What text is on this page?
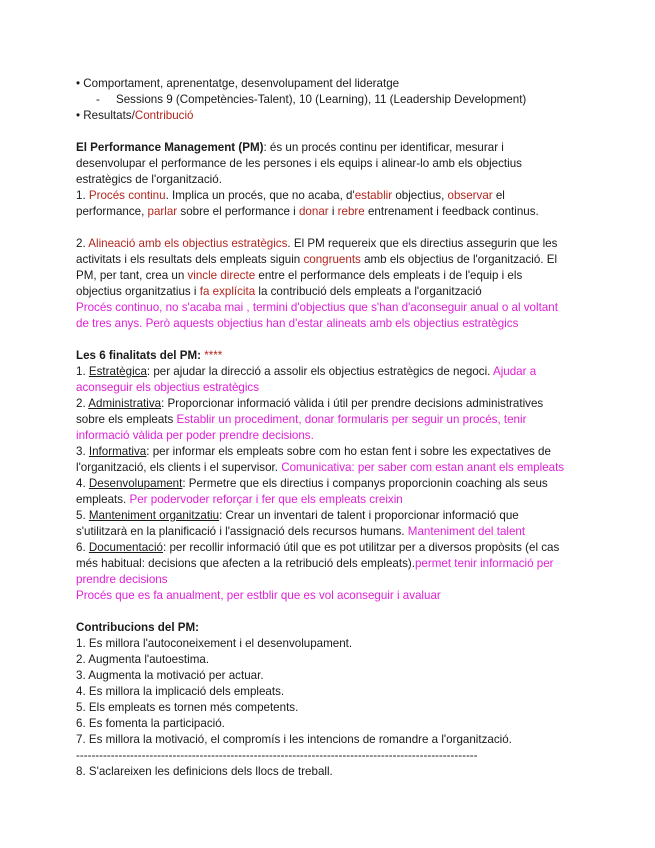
• Comportament, aprenentatge, desenvolupament del lideratge
- Sessions 9 (Competències-Talent), 10 (Learning), 11 (Leadership Development)
• Resultats/Contribució
El Performance Management (PM): és un procés continu per identificar, mesurar i
desenvolupar el performance de les persones i els equips i alinear-lo amb els objectius
estratègics de l'organització.
1. Procés continu. Implica un procés, que no acaba, d'establir objectius, observar el
performance, parlar sobre el performance i donar i rebre entrenament i feedback continus.
2. Alineació amb els objectius estratègics. El PM requereix que els directius assegurin que les
activitats i els resultats dels empleats siguin congruents amb els objectius de l'organització. El
PM, per tant, crea un vincle directe entre el performance dels empleats i de l'equip i els
objectius organitzatius i fa explícita la contribució dels empleats a l'organització
Procés continuo, no s'acaba mai , termini d'objectius que s'han d'aconseguir anual o al voltant
de tres anys. Però aquests objectius han d'estar alineats amb els objectius estratègics
Les 6 finalitats del PM: ****
1. Estratègica: per ajudar la direcció a assolir els objectius estratègics de negoci. Ajudar a
aconseguir els objectius estratègics
2. Administrativa: Proporcionar informació vàlida i útil per prendre decisions administratives
sobre els empleats Establir un procediment, donar formularis per seguir un procés, tenir
informació vàlida per poder prendre decisions.
3. Informativa: per informar els empleats sobre com ho estan fent i sobre les expectatives de
l'organització, els clients i el supervisor. Comunicativa: per saber com estan anant els empleats
4. Desenvolupament: Permetre que els directius i companys proporcionin coaching als seus
empleats. Per podervoder reforçar i fer que els empleats creixin
5. Manteniment organitzatiu: Crear un inventari de talent i proporcionar informació que
s'utilitzarà en la planificació i l'assignació dels recursos humans. Manteniment del talent
6. Documentació: per recollir informació útil que es pot utilitzar per a diversos propòsits (el cas
més habitual: decisions que afecten a la retribució dels empleats).permet tenir informació per
prendre decisions
Procés que es fa anualment, per estblir que es vol aconseguir i avaluar
Contribucions del PM:
1. Es millora l'autoconeixement i el desenvolupament.
2. Augmenta l'autoestima.
3. Augmenta la motivació per actuar.
4. Es millora la implicació dels empleats.
5. Els empleats es tornen més competents.
6. Es fomenta la participació.
7. Es millora la motivació, el compromís i les intencions de romandre a l'organització.
--------------------------------------------------------------------------------------------------------
8. S'aclareixen les definicions dels llocs de treball.
